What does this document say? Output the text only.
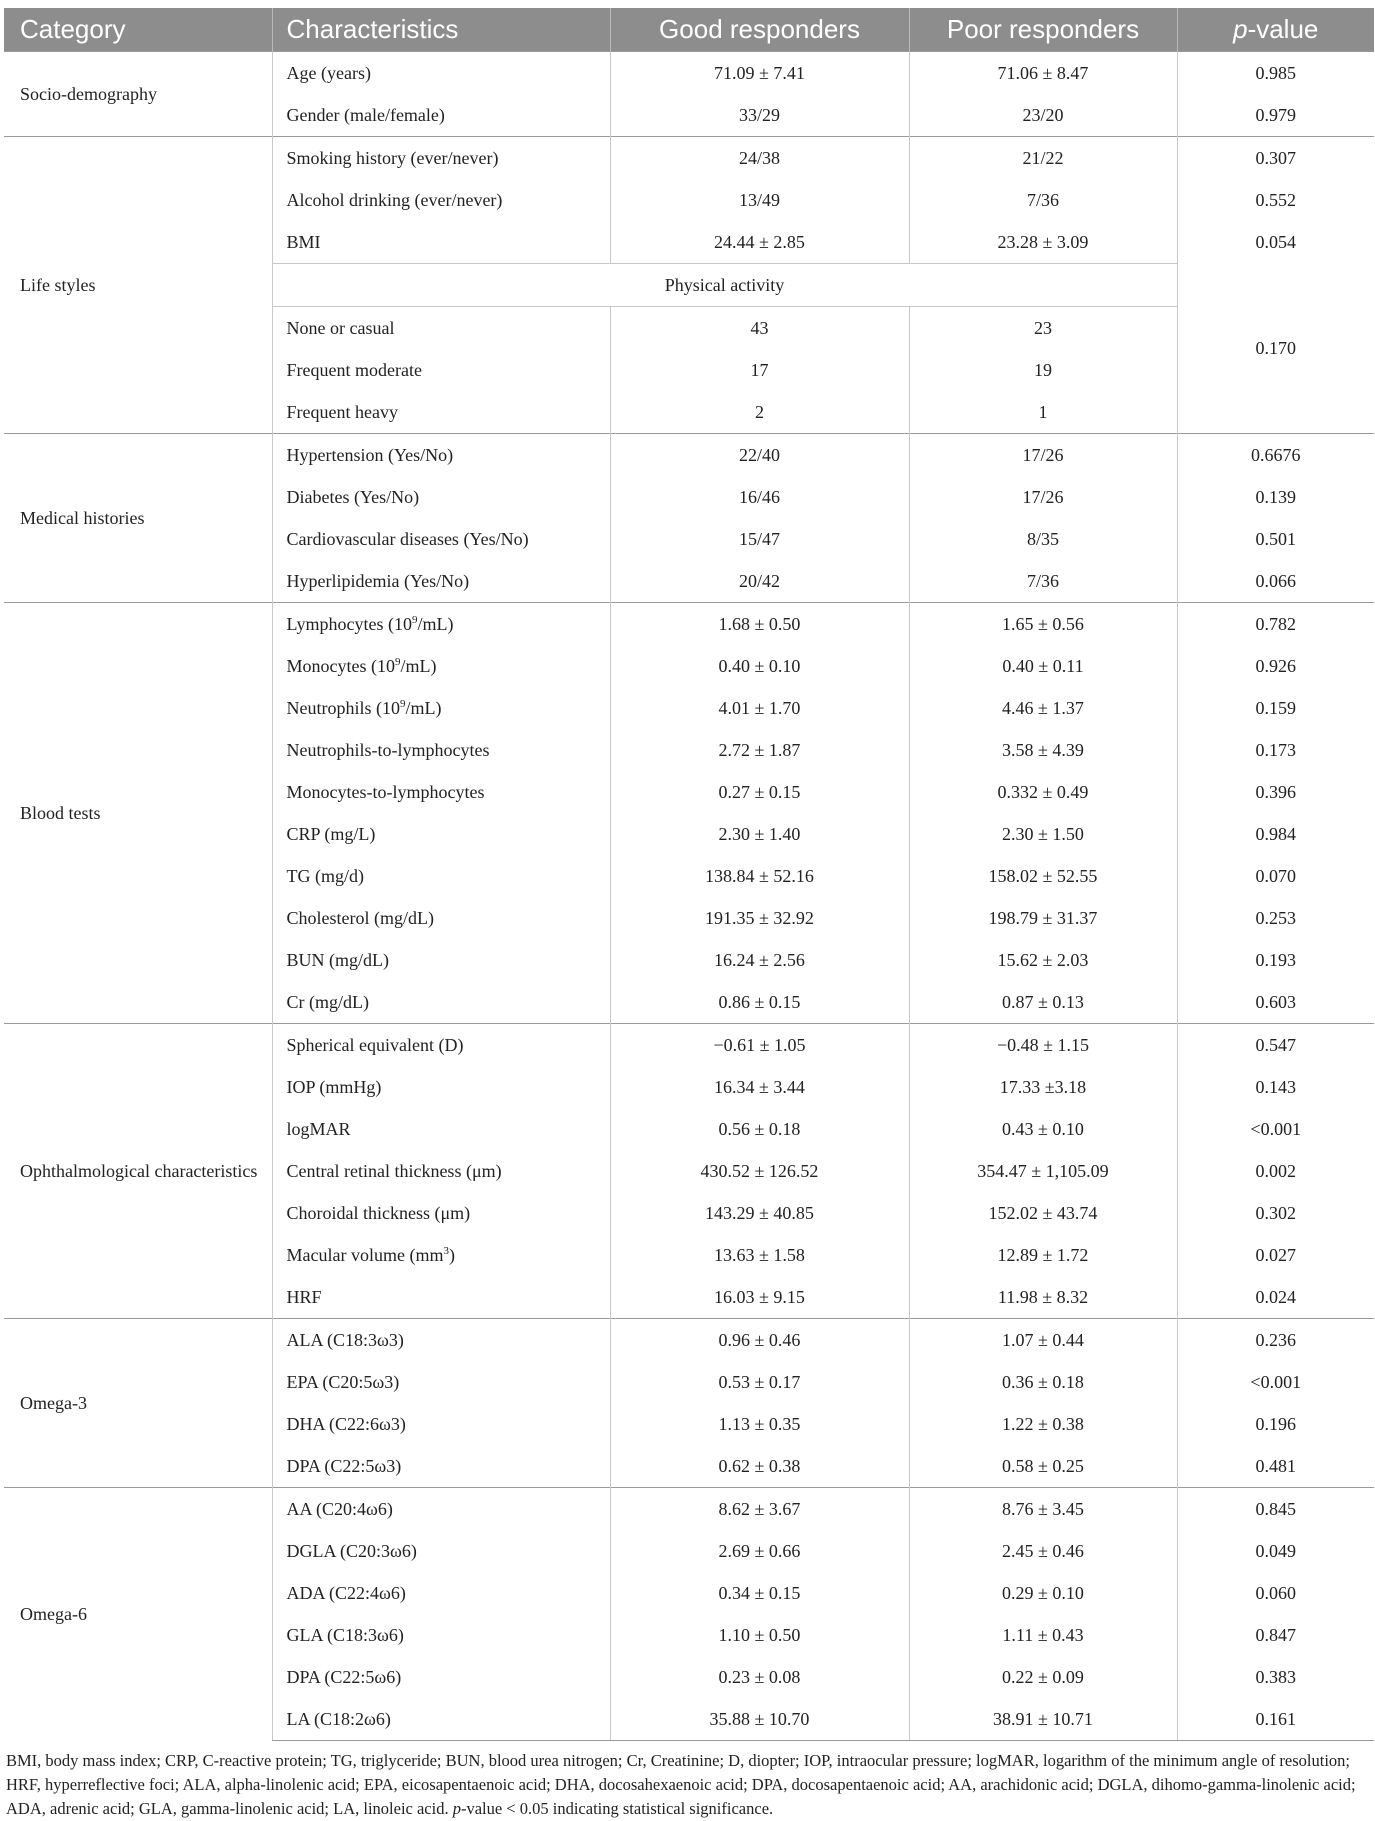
Category	Characteristics	Good responders	Poor responders	p-value
Socio-demography	Age (years)	71.09 ± 7.41	71.06 ± 8.47	0.985
	Gender (male/female)	33/29	23/20	0.979
Life styles	Smoking history (ever/never)	24/38	21/22	0.307
	Alcohol drinking (ever/never)	13/49	7/36	0.552
	BMI	24.44 ± 2.85	23.28 ± 3.09	0.054
	Physical activity			0.170
	None or casual	43	23	
	Frequent moderate	17	19	
	Frequent heavy	2	1	
Medical histories	Hypertension (Yes/No)	22/40	17/26	0.6676
	Diabetes (Yes/No)	16/46	17/26	0.139
	Cardiovascular diseases (Yes/No)	15/47	8/35	0.501
	Hyperlipidemia (Yes/No)	20/42	7/36	0.066
Blood tests	Lymphocytes $(10^9/mL)$	1.68 ± 0.50	1.65 ± 0.56	0.782
	Monocytes $(10^9/mL)$	0.40 ± 0.10	0.40 ± 0.11	0.926
	Neutrophils $(10^9/mL)$	4.01 ± 1.70	4.46 ± 1.37	0.159
	Neutrophils-to-lymphocytes	2.72 ± 1.87	3.58 ± 4.39	0.173
	Monocytes-to-lymphocytes	0.27 ± 0.15	0.332 ± 0.49	0.396
	CRP (mg/L)	2.30 ± 1.40	2.30 ± 1.50	0.984
	TG (mg/d)	138.84 ± 52.16	158.02 ± 52.55	0.070
	Cholesterol (mg/dL)	191.35 ± 32.92	198.79 ± 31.37	0.253
	BUN (mg/dL)	16.24 ± 2.56	15.62 ± 2.03	0.193
	Cr (mg/dL)	0.86 ± 0.15	0.87 ± 0.13	0.603
Ophthalmological characteristics	Spherical equivalent (D)	−0.61 ± 1.05	−0.48 ± 1.15	0.547
	IOP (mmHg)	16.34 ± 3.44	17.33 ±3.18	0.143
	logMAR	0.56 ± 0.18	0.43 ± 0.10	<0.001
	Central retinal thickness (μm)	430.52 ± 126.52	354.47 ± 1,105.09	0.002
	Choroidal thickness (μm)	143.29 ± 40.85	152.02 ± 43.74	0.302
	Macular volume $(mm^3)$	13.63 ± 1.58	12.89 ± 1.72	0.027
	HRF	16.03 ± 9.15	11.98 ± 8.32	0.024
Omega-3	ALA (C18:3ω3)	0.96 ± 0.46	1.07 ± 0.44	0.236
	EPA (C20:5ω3)	0.53 ± 0.17	0.36 ± 0.18	<0.001
	DHA (C22:6ω3)	1.13 ± 0.35	1.22 ± 0.38	0.196
	DPA (C22:5ω3)	0.62 ± 0.38	0.58 ± 0.25	0.481
Omega-6	AA (C20:4ω6)	8.62 ± 3.67	8.76 ± 3.45	0.845
	DGLA (C20:3ω6)	2.69 ± 0.66	2.45 ± 0.46	0.049
	ADA (C22:4ω6)	0.34 ± 0.15	0.29 ± 0.10	0.060
	GLA (C18:3ω6)	1.10 ± 0.50	1.11 ± 0.43	0.847
	DPA (C22:5ω6)	0.23 ± 0.08	0.22 ± 0.09	0.383
	LA (C18:2ω6)	35.88 ± 10.70	38.91 ± 10.71	0.161
BMI, body mass index; CRP, C-reactive protein; TG, triglyceride; BUN, blood urea nitrogen; Cr, Creatinine; D, diopter; IOP, intraocular pressure; logMAR, logarithm of the minimum angle of resolution; HRF, hyperreflective foci; ALA, alpha-linolenic acid; EPA, eicosapentaenoic acid; DHA, docosahexaenoic acid; DPA, docosapentaenoic acid; AA, arachidonic acid; DGLA, dihomo-gamma-linolenic acid; ADA, adrenic acid; GLA, gamma-linolenic acid; LA, linoleic acid. p-value < 0.05 indicating statistical significance.
